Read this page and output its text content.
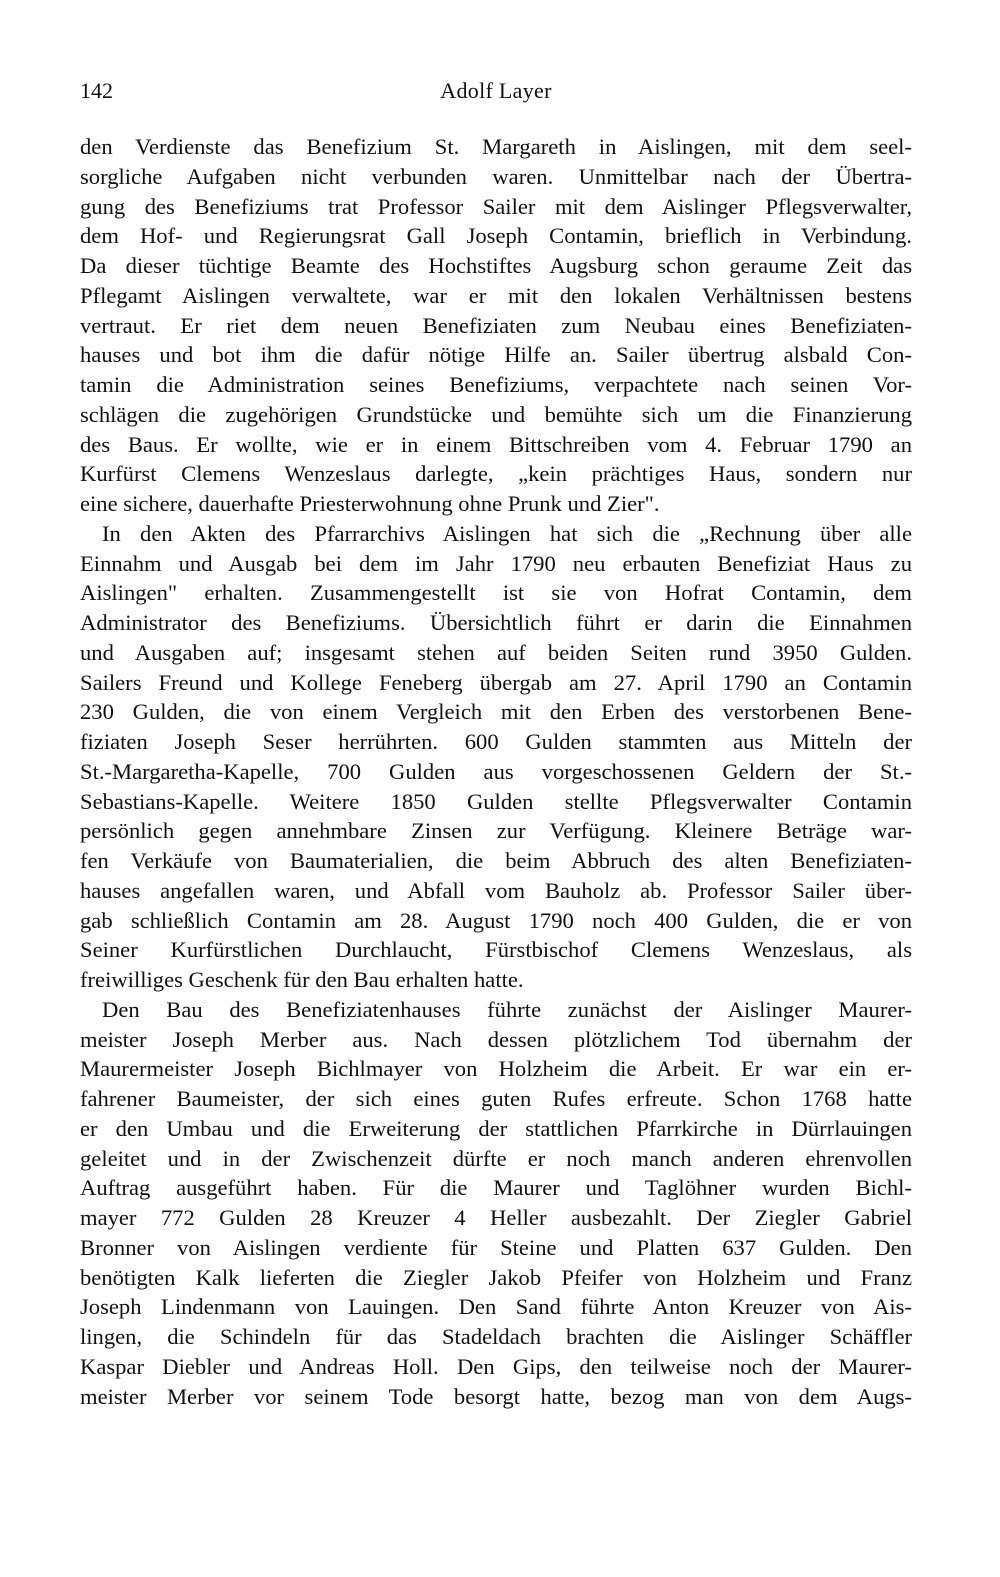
142	Adolf Layer
den Verdienste das Benefizium St. Margareth in Aislingen, mit dem seel-
sorgliche Aufgaben nicht verbunden waren. Unmittelbar nach der Übertra-
gung des Benefiziums trat Professor Sailer mit dem Aislinger Pflegsverwalter,
dem Hof- und Regierungsrat Gall Joseph Contamin, brieflich in Verbindung.
Da dieser tüchtige Beamte des Hochstiftes Augsburg schon geraume Zeit das
Pflegamt Aislingen verwaltete, war er mit den lokalen Verhältnissen bestens
vertraut. Er riet dem neuen Benefiziaten zum Neubau eines Benefiziaten-
hauses und bot ihm die dafür nötige Hilfe an. Sailer übertrug alsbald Con-
tamin die Administration seines Benefiziums, verpachtete nach seinen Vor-
schlägen die zugehörigen Grundstücke und bemühte sich um die Finanzierung
des Baus. Er wollte, wie er in einem Bittschreiben vom 4. Februar 1790 an
Kurfürst Clemens Wenzeslaus darlegte, „kein prächtiges Haus, sondern nur
eine sichere, dauerhafte Priesterwohnung ohne Prunk und Zier".
In den Akten des Pfarrarchivs Aislingen hat sich die „Rechnung über alle
Einnahm und Ausgab bei dem im Jahr 1790 neu erbauten Benefiziat Haus zu
Aislingen" erhalten. Zusammengestellt ist sie von Hofrat Contamin, dem
Administrator des Benefiziums. Übersichtlich führt er darin die Einnahmen
und Ausgaben auf; insgesamt stehen auf beiden Seiten rund 3950 Gulden.
Sailers Freund und Kollege Feneberg übergab am 27. April 1790 an Contamin
230 Gulden, die von einem Vergleich mit den Erben des verstorbenen Bene-
fiziaten Joseph Seser herrührten. 600 Gulden stammten aus Mitteln der
St.-Margaretha-Kapelle, 700 Gulden aus vorgeschossenen Geldern der St.-
Sebastians-Kapelle. Weitere 1850 Gulden stellte Pflegsverwalter Contamin
persönlich gegen annehmbare Zinsen zur Verfügung. Kleinere Beträge war-
fen Verkäufe von Baumaterialien, die beim Abbruch des alten Benefiziaten-
hauses angefallen waren, und Abfall vom Bauholz ab. Professor Sailer über-
gab schließlich Contamin am 28. August 1790 noch 400 Gulden, die er von
Seiner Kurfürstlichen Durchlaucht, Fürstbischof Clemens Wenzeslaus, als
freiwilliges Geschenk für den Bau erhalten hatte.
Den Bau des Benefiziatenhauses führte zunächst der Aislinger Maurer-
meister Joseph Merber aus. Nach dessen plötzlichem Tod übernahm der
Maurermeister Joseph Bichlmayer von Holzheim die Arbeit. Er war ein er-
fahrener Baumeister, der sich eines guten Rufes erfreute. Schon 1768 hatte
er den Umbau und die Erweiterung der stattlichen Pfarrkirche in Dürrlauingen
geleitet und in der Zwischenzeit dürfte er noch manch anderen ehrenvollen
Auftrag ausgeführt haben. Für die Maurer und Taglöhner wurden Bichl-
mayer 772 Gulden 28 Kreuzer 4 Heller ausbezahlt. Der Ziegler Gabriel
Bronner von Aislingen verdiente für Steine und Platten 637 Gulden. Den
benötigten Kalk lieferten die Ziegler Jakob Pfeifer von Holzheim und Franz
Joseph Lindenmann von Lauingen. Den Sand führte Anton Kreuzer von Ais-
lingen, die Schindeln für das Stadeldach brachten die Aislinger Schäffler
Kaspar Diebler und Andreas Holl. Den Gips, den teilweise noch der Maurer-
meister Merber vor seinem Tode besorgt hatte, bezog man von dem Augs-
